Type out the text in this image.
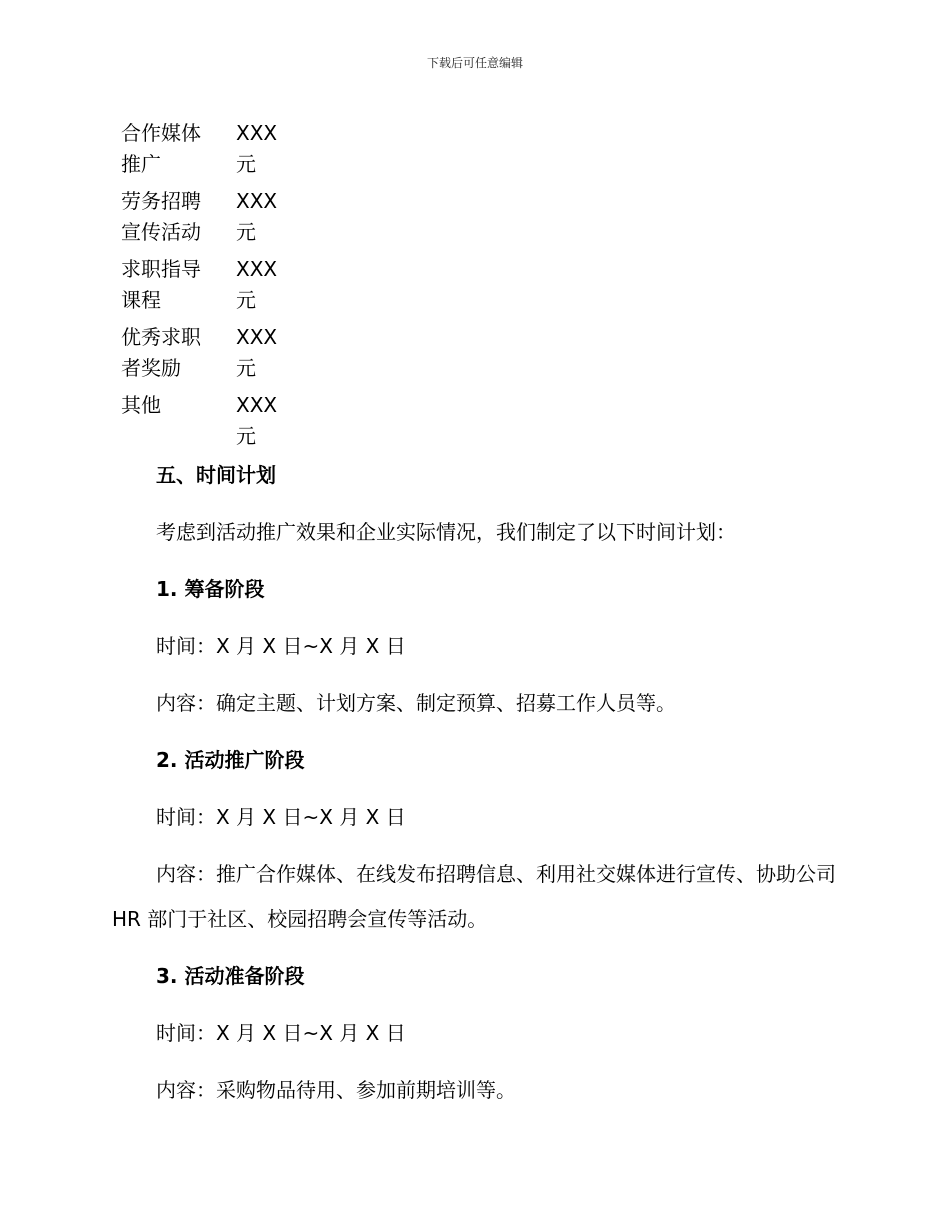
下载后可任意编辑
合作媒体
推广
XXX
元
劳务招聘
宣传活动
XXX
元
求职指导
课程
XXX
元
优秀求职
者奖励
XXX
元
其他	XXX
元

五、时间计划

考虑到活动推广效果和企业实际情况，我们制定了以下时间计划：

1. 筹备阶段

时间：X 月 X 日~X 月 X 日

内容：确定主题、计划方案、制定预算、招募工作人员等。

2. 活动推广阶段

时间：X 月 X 日~X 月 X 日

内容：推广合作媒体、在线发布招聘信息、利用社交媒体进行宣传、协助公司 HR 部门于社区、校园招聘会宣传等活动。

3. 活动准备阶段

时间：X 月 X 日~X 月 X 日

内容：采购物品待用、参加前期培训等。
